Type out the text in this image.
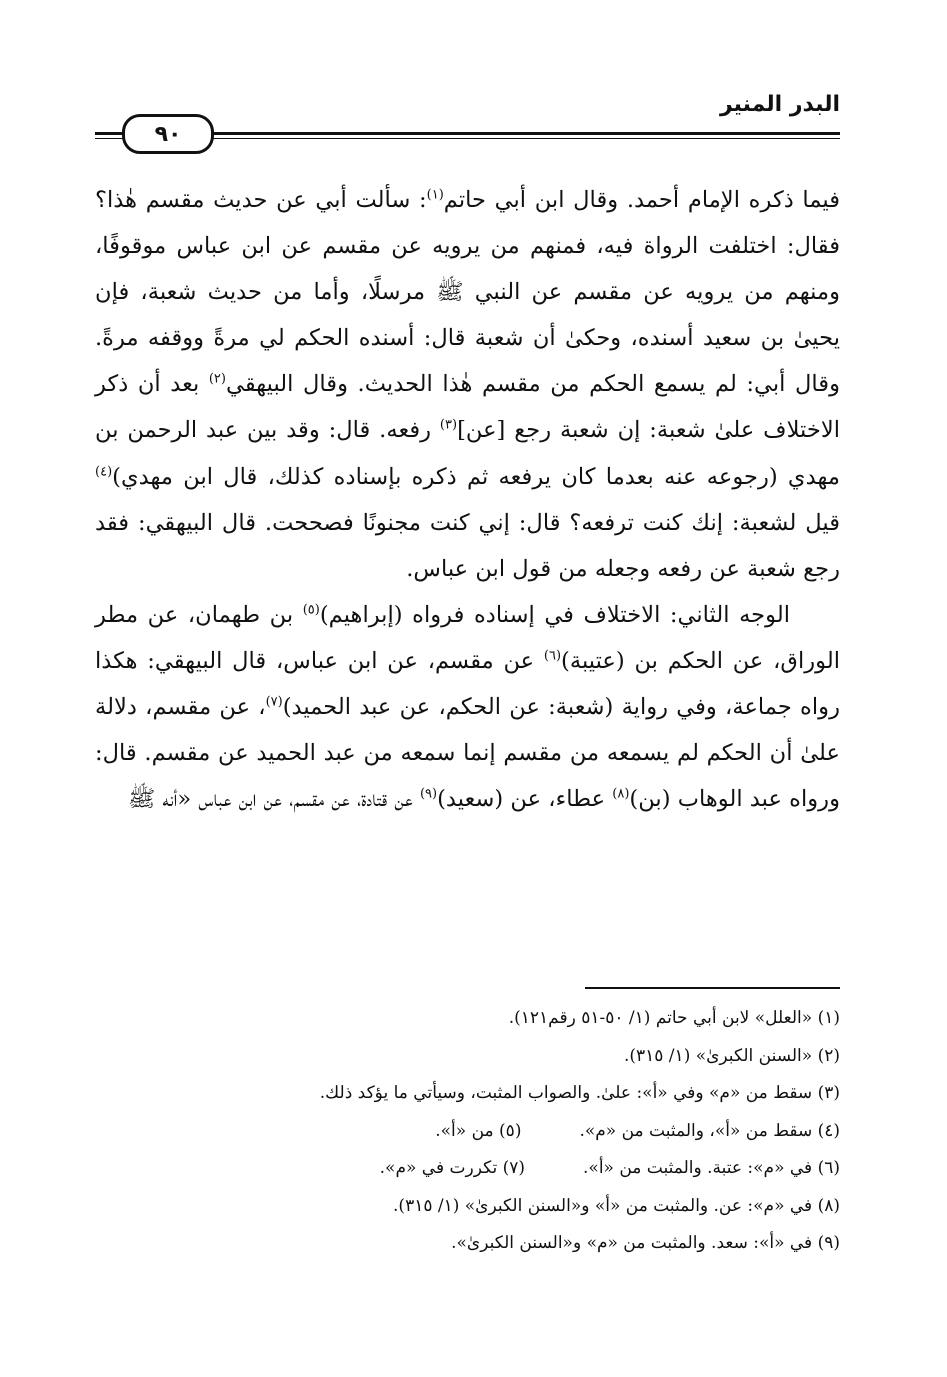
البدر المنير
٩٠

فيما ذكره الإمام أحمد. وقال ابن أبي حاتم$^{(١)}$: سألت أبي عن حديث مقسم هٰذا؟ فقال: اختلفت الرواة فيه، فمنهم من يرويه عن مقسم عن ابن عباس موقوفًا، ومنهم من يرويه عن مقسم عن النبي ﷺ مرسلًا، وأما من حديث شعبة، فإن يحيىٰ بن سعيد أسنده، وحكىٰ أن شعبة قال: أسنده الحكم لي مرةً ووقفه مرةً. وقال أبي: لم يسمع الحكم من مقسم هٰذا الحديث. وقال البيهقي$^{(٢)}$ بعد أن ذكر الاختلاف علىٰ شعبة: إن شعبة رجع [عن]$^{(٣)}$ رفعه. قال: وقد بين عبد الرحمن بن مهدي (رجوعه عنه بعدما كان يرفعه ثم ذكره بإسناده كذلك، قال ابن مهدي)$^{(٤)}$ قيل لشعبة: إنك كنت ترفعه؟ قال: إني كنت مجنونًا فصححت. قال البيهقي: فقد رجع شعبة عن رفعه وجعله من قول ابن عباس.

الوجه الثاني: الاختلاف في إسناده فرواه (إبراهيم)$^{(٥)}$ بن طهمان، عن مطر الوراق، عن الحكم بن (عتيبة)$^{(٦)}$ عن مقسم، عن ابن عباس، قال البيهقي: هكذا رواه جماعة، وفي رواية (شعبة: عن الحكم، عن عبد الحميد)$^{(٧)}$، عن مقسم، دلالة علىٰ أن الحكم لم يسمعه من مقسم إنما سمعه من عبد الحميد عن مقسم. قال: ورواه عبد الوهاب (بن)$^{(٨)}$ عطاء، عن (سعيد)$^{(٩)}$ عن قتادة، عن مقسم، عن ابن عباس «أنه ﷺ

(١) «العلل» لابن أبي حاتم (١/ ٥٠-٥١ رقم١٢١).
(٢) «السنن الكبرىٰ» (١/ ٣١٥).
(٣) سقط من «م» وفي «أ»: علىٰ. والصواب المثبت، وسيأتي ما يؤكد ذلك.
(٤) سقط من «أ»، والمثبت من «م».(٥) من «أ».
(٦) في «م»: عتبة. والمثبت من «أ».(٧) تكررت في «م».
(٨) في «م»: عن. والمثبت من «أ» و«السنن الكبرىٰ» (١/ ٣١٥).
(٩) في «أ»: سعد. والمثبت من «م» و«السنن الكبرىٰ».
